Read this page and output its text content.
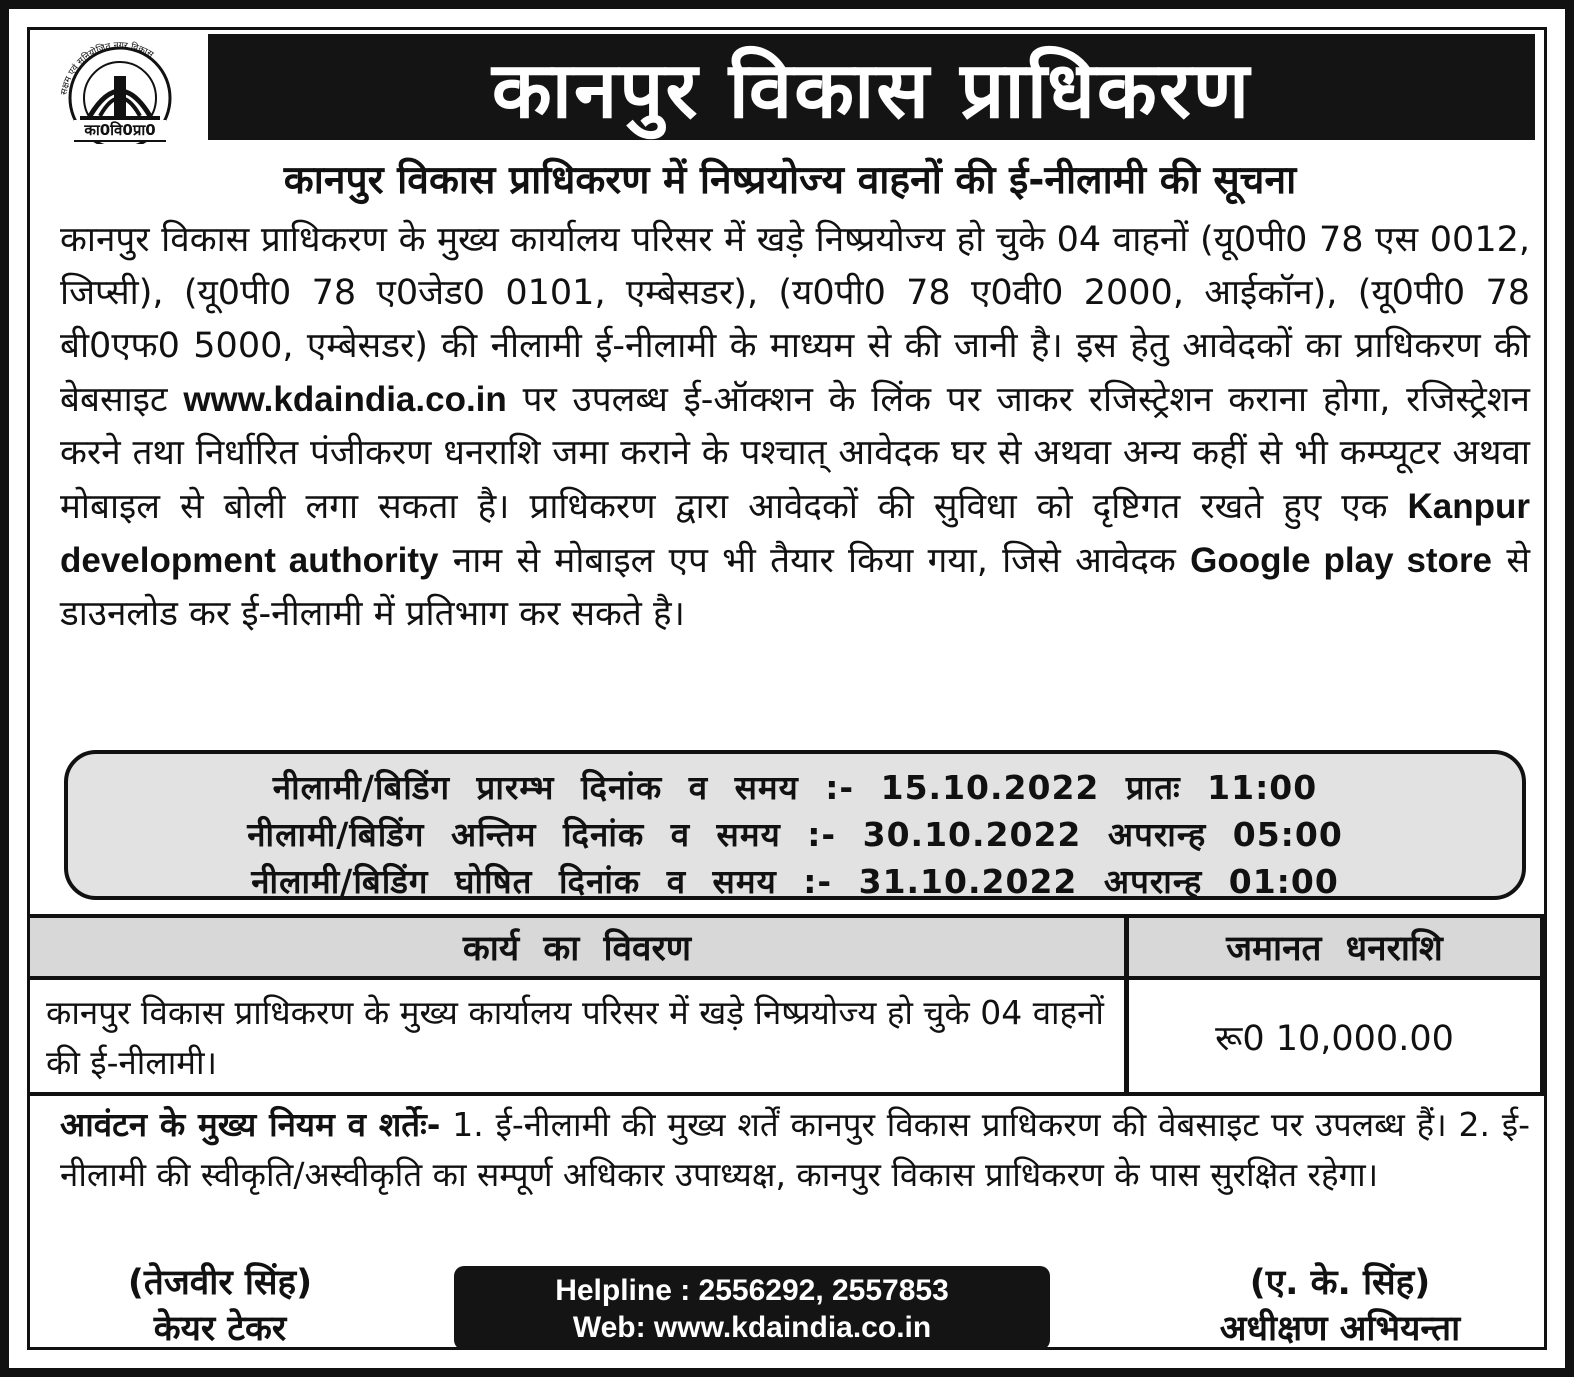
सक्षम एवं सुनियोजित नगर विकास
का0वि0प्रा0	कानपुर विकास प्राधिकरण
कानपुर विकास प्राधिकरण में निष्प्रयोज्य वाहनों की ई-नीलामी की सूचना
कानपुर विकास प्राधिकरण के मुख्य कार्यालय परिसर में खड़े निष्प्रयोज्य हो चुके 04 वाहनों (यू0पी0 78 एस 0012, जिप्सी), (यू0पी0 78 ए0जेड0 0101, एम्बेसडर), (य0पी0 78 ए0वी0 2000, आईकॉन), (यू0पी0 78 बी0एफ0 5000, एम्बेसडर) की नीलामी ई-नीलामी के माध्यम से की जानी है। इस हेतु आवेदकों का प्राधिकरण की बेबसाइट www.kdaindia.co.in पर उपलब्ध ई-ऑक्शन के लिंक पर जाकर रजिस्ट्रेशन कराना होगा, रजिस्ट्रेशन करने तथा निर्धारित पंजीकरण धनराशि जमा कराने के पश्चात् आवेदक घर से अथवा अन्य कहीं से भी कम्प्यूटर अथवा मोबाइल से बोली लगा सकता है। प्राधिकरण द्वारा आवेदकों की सुविधा को दृष्टिगत रखते हुए एक Kanpur development authority नाम से मोबाइल एप भी तैयार किया गया, जिसे आवेदक Google play store से डाउनलोड कर ई-नीलामी में प्रतिभाग कर सकते है।
नीलामी/बिडिंग प्रारम्भ दिनांक व समय :- 15.10.2022 प्रातः 11:00
नीलामी/बिडिंग अन्तिम दिनांक व समय :- 30.10.2022 अपरान्ह 05:00
नीलामी/बिडिंग घोषित दिनांक व समय :- 31.10.2022 अपरान्ह 01:00
कार्य का विवरण	जमानत धनराशि
कानपुर विकास प्राधिकरण के मुख्य कार्यालय परिसर में खड़े निष्प्रयोज्य हो चुके 04 वाहनों की ई-नीलामी।
रू0 10,000.00
आवंटन के मुख्य नियम व शर्तेः- 1. ई-नीलामी की मुख्य शर्तें कानपुर विकास प्राधिकरण की वेबसाइट पर उपलब्ध हैं। 2. ई-नीलामी की स्वीकृति/अस्वीकृति का सम्पूर्ण अधिकार उपाध्यक्ष, कानपुर विकास प्राधिकरण के पास सुरक्षित रहेगा।
(तेजवीर सिंह)
केयर टेकर
Helpline : 2556292, 2557853
Web: www.kdaindia.co.in
(ए. के. सिंह)
अधीक्षण अभियन्ता
